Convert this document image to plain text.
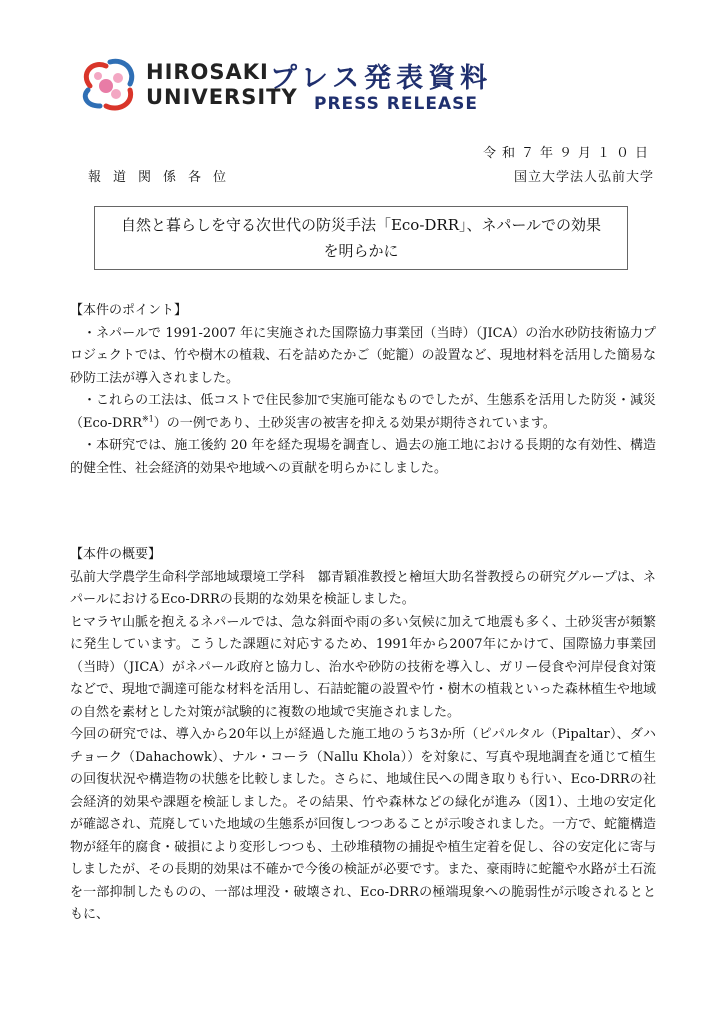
HIROSAKI
UNIVERSITY
プレス発表資料
PRESS RELEASE
令和７年９月１０日
報道関係各位	国立大学法人弘前大学
自然と暮らしを守る次世代の防災手法「Eco-DRR」、ネパールでの効果を明らかに
【本件のポイント】

・ネパールで 1991-2007 年に実施された国際協力事業団（当時）（JICA）の治水砂防技術協力プロジェクトでは、竹や樹木の植栽、石を詰めたかご（蛇籠）の設置など、現地材料を活用した簡易な砂防工法が導入されました。

・これらの工法は、低コストで住民参加で実施可能なものでしたが、生態系を活用した防災・減災（Eco-DRR$^{※1}$）の一例であり、土砂災害の被害を抑える効果が期待されています。

・本研究では、施工後約 20 年を経た現場を調査し、過去の施工地における長期的な有効性、構造的健全性、社会経済的効果や地域への貢献を明らかにしました。

【本件の概要】

弘前大学農学生命科学部地域環境工学科　鄒青穎准教授と檜垣大助名誉教授らの研究グループは、ネパールにおけるEco-DRRの長期的な効果を検証しました。

ヒマラヤ山脈を抱えるネパールでは、急な斜面や雨の多い気候に加えて地震も多く、土砂災害が頻繁に発生しています。こうした課題に対応するため、1991年から2007年にかけて、国際協力事業団（当時）（JICA）がネパール政府と協力し、治水や砂防の技術を導入し、ガリー侵食や河岸侵食対策などで、現地で調達可能な材料を活用し、石詰蛇籠の設置や竹・樹木の植栽といった森林植生や地域の自然を素材とした対策が試験的に複数の地域で実施されました。

今回の研究では、導入から20年以上が経過した施工地のうち3か所（ピパルタル（Pipaltar）、ダハチョーク（Dahachowk）、ナル・コーラ（Nallu Khola））を対象に、写真や現地調査を通じて植生の回復状況や構造物の状態を比較しました。さらに、地域住民への聞き取りも行い、Eco-DRRの社会経済的効果や課題を検証しました。その結果、竹や森林などの緑化が進み（図1）、土地の安定化が確認され、荒廃していた地域の生態系が回復しつつあることが示唆されました。一方で、蛇籠構造物が経年的腐食・破損により変形しつつも、土砂堆積物の捕捉や植生定着を促し、谷の安定化に寄与しましたが、その長期的効果は不確かで今後の検証が必要です。また、豪雨時に蛇籠や水路が土石流を一部抑制したものの、一部は埋没・破壊され、Eco-DRRの極端現象への脆弱性が示唆されるとともに、
